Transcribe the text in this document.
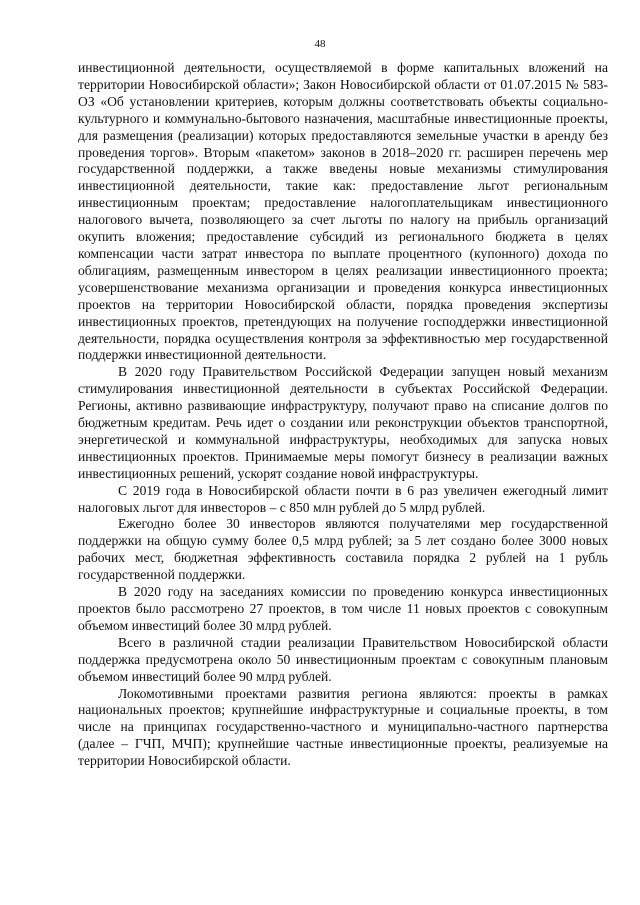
48

инвестиционной деятельности, осуществляемой в форме капитальных вложений на территории Новосибирской области»; Закон Новосибирской области от 01.07.2015 № 583-ОЗ «Об установлении критериев, которым должны соответствовать объекты социально-культурного и коммунально-бытового назначения, масштабные инвестиционные проекты, для размещения (реализации) которых предоставляются земельные участки в аренду без проведения торгов». Вторым «пакетом» законов в 2018–2020 гг. расширен перечень мер государственной поддержки, а также введены новые механизмы стимулирования инвестиционной деятельности, такие как: предоставление льгот региональным инвестиционным проектам; предоставление налогоплательщикам инвестиционного налогового вычета, позволяющего за счет льготы по налогу на прибыль организаций окупить вложения; предоставление субсидий из регионального бюджета в целях компенсации части затрат инвестора по выплате процентного (купонного) дохода по облигациям, размещенным инвестором в целях реализации инвестиционного проекта; усовершенствование механизма организации и проведения конкурса инвестиционных проектов на территории Новосибирской области, порядка проведения экспертизы инвестиционных проектов, претендующих на получение господдержки инвестиционной деятельности, порядка осуществления контроля за эффективностью мер государственной поддержки инвестиционной деятельности.

В 2020 году Правительством Российской Федерации запущен новый механизм стимулирования инвестиционной деятельности в субъектах Российской Федерации. Регионы, активно развивающие инфраструктуру, получают право на списание долгов по бюджетным кредитам. Речь идет о создании или реконструкции объектов транспортной, энергетической и коммунальной инфраструктуры, необходимых для запуска новых инвестиционных проектов. Принимаемые меры помогут бизнесу в реализации важных инвестиционных решений, ускорят создание новой инфраструктуры.

С 2019 года в Новосибирской области почти в 6 раз увеличен ежегодный лимит налоговых льгот для инвесторов – с 850 млн рублей до 5 млрд рублей.

Ежегодно более 30 инвесторов являются получателями мер государственной поддержки на общую сумму более 0,5 млрд рублей; за 5 лет создано более 3000 новых рабочих мест, бюджетная эффективность составила порядка 2 рублей на 1 рубль государственной поддержки.

В 2020 году на заседаниях комиссии по проведению конкурса инвестиционных проектов было рассмотрено 27 проектов, в том числе 11 новых проектов с совокупным объемом инвестиций более 30 млрд рублей.

Всего в различной стадии реализации Правительством Новосибирской области поддержка предусмотрена около 50 инвестиционным проектам с совокупным плановым объемом инвестиций более 90 млрд рублей.

Локомотивными проектами развития региона являются: проекты в рамках национальных проектов; крупнейшие инфраструктурные и социальные проекты, в том числе на принципах государственно-частного и муниципально-частного партнерства (далее – ГЧП, МЧП); крупнейшие частные инвестиционные проекты, реализуемые на территории Новосибирской области.
